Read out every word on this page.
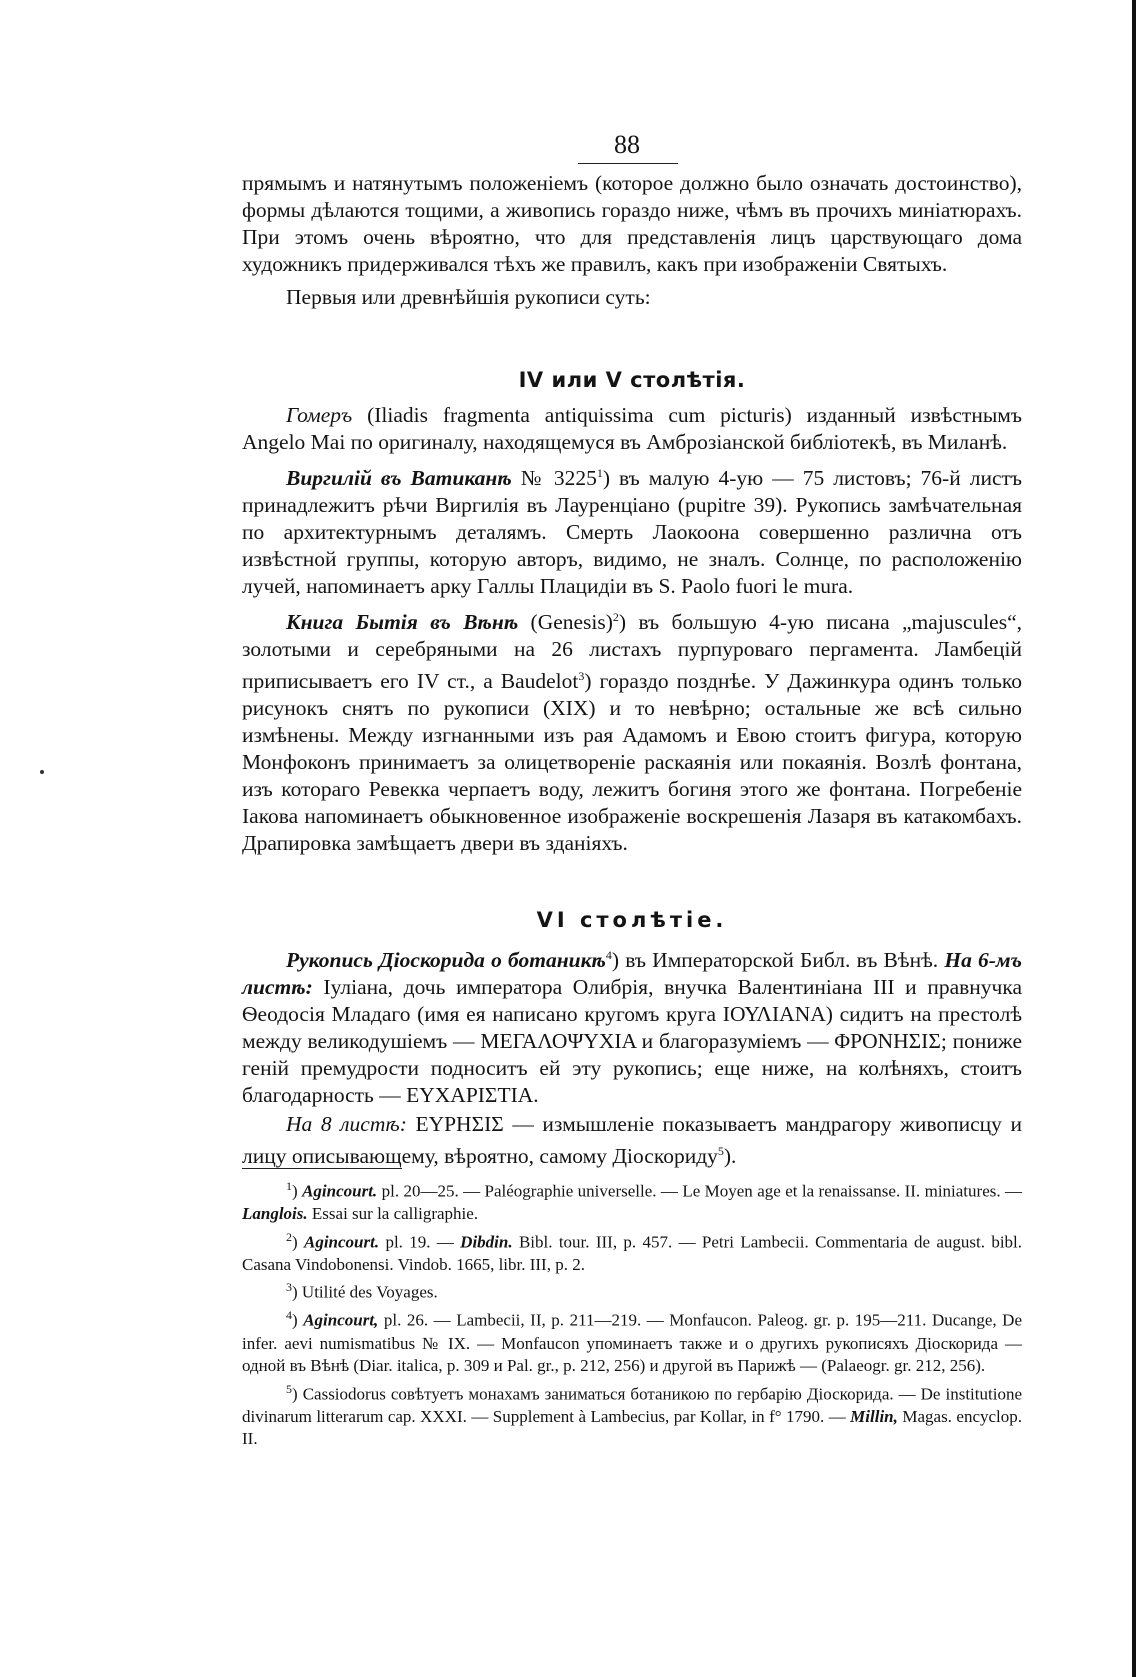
88

прямымъ и натянутымъ положеніемъ (которое должно было означать достоинство), формы дѣлаются тощими, а живопись гораздо ниже, чѣмъ въ прочихъ миніатюрахъ. При этомъ очень вѣроятно, что для представленія лицъ царствующаго дома художникъ придерживался тѣхъ же правилъ, какъ при изображеніи Святыхъ.

Первыя или древнѣйшія рукописи суть:

IV или V столѣтія.

Гомеръ (Iliadis fragmenta antiquissima cum picturis) изданный извѣстнымъ Angelo Mai по оригиналу, находящемуся въ Амброзіанской библіотекѣ, въ Миланѣ.

Виргилій въ Ватиканѣ № 3225$^1$) въ малую 4-ую — 75 листовъ; 76-й листъ принадлежитъ рѣчи Виргилія въ Лауренціано (pupitre 39). Рукопись замѣчательная по архитектурнымъ деталямъ. Смерть Лаокоона совершенно различна отъ извѣстной группы, которую авторъ, видимо, не зналъ. Солнце, по расположенію лучей, напоминаетъ арку Галлы Плацидіи въ S. Paolo fuori le mura.

Книга Бытія въ Вѣнѣ (Genesis)$^2$) въ большую 4-ую писана „majuscules“, золотыми и серебряными на 26 листахъ пурпуроваго пергамента. Ламбецій приписываетъ его IV ст., а Baudelot$^3$) гораздо позднѣе. У Дажинкура одинъ только рисунокъ снятъ по рукописи (XIX) и то невѣрно; остальные же всѣ сильно измѣнены. Между изгнанными изъ рая Адамомъ и Евою стоитъ фигура, которую Монфоконъ принимаетъ за олицетвореніе раскаянія или покаянія. Возлѣ фонтана, изъ котораго Ревекка черпаетъ воду, лежитъ богиня этого же фонтана. Погребеніе Іакова напоминаетъ обыкновенное изображеніе воскрешенія Лазаря въ катакомбахъ. Драпировка замѣщаетъ двери въ зданіяхъ.

VI столѣтіе.

Рукопись Діоскорида о ботаникѣ$^4$) въ Императорской Библ. въ Вѣнѣ. На 6-мъ листѣ: Іуліана, дочь императора Олибрія, внучка Валентиніана III и правнучка Ѳеодосія Младаго (имя ея написано кругомъ круга ΙΟΥΛΙΑΝΑ) сидитъ на престолѣ между великодушіемъ — ΜΕΓΑΛΟΨΥΧΙΑ и благоразуміемъ — ΦΡΟΝΗΣΙΣ; пониже геній премудрости подноситъ ей эту рукопись; еще ниже, на колѣняхъ, стоитъ благодарность — ΕΥΧΑΡΙΣΤΙΑ.

На 8 листѣ: ΕΥΡΗΣΙΣ — измышленіе показываетъ мандрагору живописцу и лицу описывающему, вѣроятно, самому Діоскориду$^5$).

$^1$) Agincourt. pl. 20—25. — Paléographie universelle. — Le Moyen age et la renaissanse. II. miniatures. — Langlois. Essai sur la calligraphie.

$^2$) Agincourt. pl. 19. — Dibdin. Bibl. tour. III, p. 457. — Petri Lambecii. Commentaria de august. bibl. Casana Vindobonensi. Vindob. 1665, libr. III, p. 2.

$^3$) Utilité des Voyages.

$^4$) Agincourt, pl. 26. — Lambecii, II, p. 211—219. — Monfaucon. Paleog. gr. p. 195—211. Ducange, De infer. aevi numismatibus № IX. — Monfaucon упоминаетъ также и о другихъ рукописяхъ Діоскорида — одной въ Вѣнѣ (Diar. italica, p. 309 и Pal. gr., p. 212, 256) и другой въ Парижѣ — (Palaeogr. gr. 212, 256).

$^5$) Cassiodorus совѣтуетъ монахамъ заниматься ботаникою по гербарію Діоскорида. — De institutione divinarum litterarum cap. XXXI. — Supplement à Lambecius, par Kollar, in f° 1790. — Millin, Magas. encyclop. II.
